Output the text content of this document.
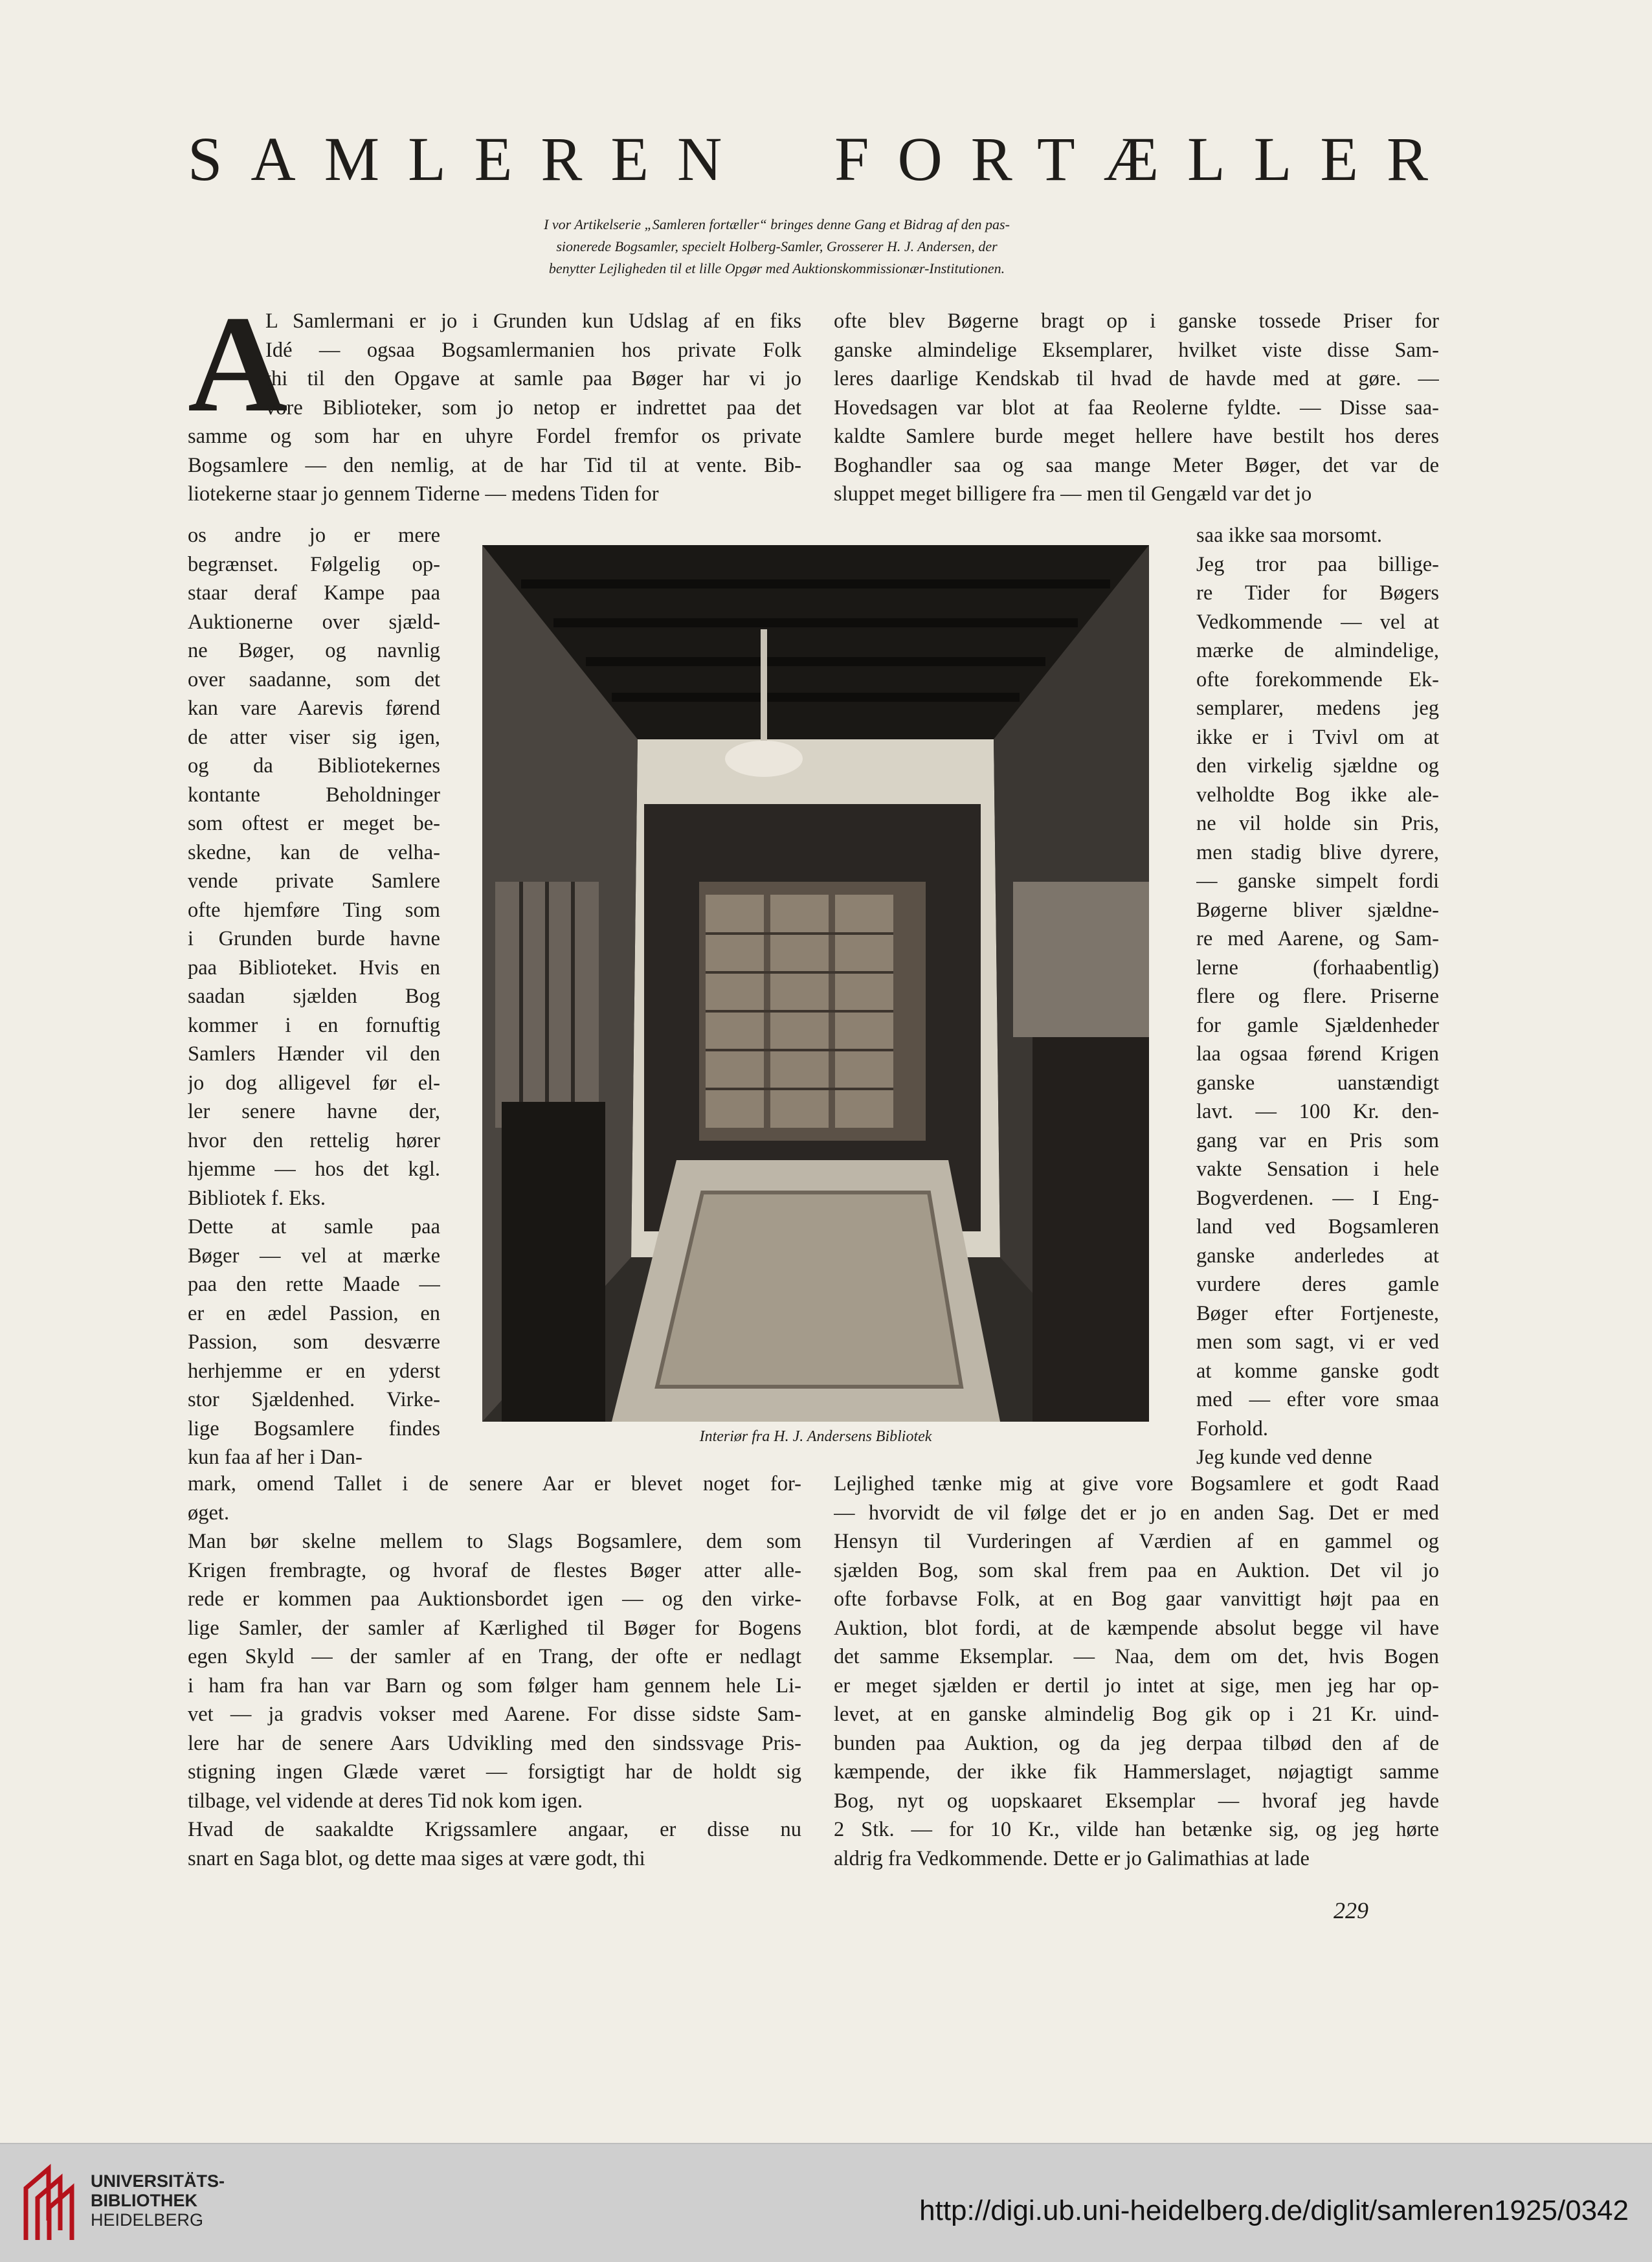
SAMLEREN FORTÆLLER
I vor Artikelserie „Samleren fortæller“ bringes denne Gang et Bidrag af den pas-
sionerede Bogsamler, specielt Holberg-Samler, Grosserer H. J. Andersen, der
benytter Lejligheden til et lille Opgør med Auktionskommissionær-Institutionen.
A
L Samlermani er jo i Grunden kun Udslag af en fiks
Idé — ogsaa Bogsamlermanien hos private Folk
thi til den Opgave at samle paa Bøger har vi jo
vore Biblioteker, som jo netop er indrettet paa det
samme og som har en uhyre Fordel fremfor os private
Bogsamlere — den nemlig, at de har Tid til at vente. Bib-
liotekerne staar jo gennem Tiderne — medens Tiden for
os andre jo er mere
begrænset. Følgelig op-
staar deraf Kampe paa
Auktionerne over sjæld-
ne Bøger, og navnlig
over saadanne, som det
kan vare Aarevis førend
de atter viser sig igen,
og da Bibliotekernes
kontante Beholdninger
som oftest er meget be-
skedne, kan de velha-
vende private Samlere
ofte hjemføre Ting som
i Grunden burde havne
paa Biblioteket. Hvis en
saadan sjælden Bog
kommer i en fornuftig
Samlers Hænder vil den
jo dog alligevel før el-
ler senere havne der,
hvor den rettelig hører
hjemme — hos det kgl.
Bibliotek f. Eks.
Dette at samle paa
Bøger — vel at mærke
paa den rette Maade —
er en ædel Passion, en
Passion, som desværre
herhjemme er en yderst
stor Sjældenhed. Virke-
lige Bogsamlere findes
kun faa af her i Dan-
mark, omend Tallet i de senere Aar er blevet noget for-
øget.
Man bør skelne mellem to Slags Bogsamlere, dem som
Krigen frembragte, og hvoraf de flestes Bøger atter alle-
rede er kommen paa Auktionsbordet igen — og den virke-
lige Samler, der samler af Kærlighed til Bøger for Bogens
egen Skyld — der samler af en Trang, der ofte er nedlagt
i ham fra han var Barn og som følger ham gennem hele Li-
vet — ja gradvis vokser med Aarene. For disse sidste Sam-
lere har de senere Aars Udvikling med den sindssvage Pris-
stigning ingen Glæde været — forsigtigt har de holdt sig
tilbage, vel vidende at deres Tid nok kom igen.
Hvad de saakaldte Krigssamlere angaar, er disse nu
snart en Saga blot, og dette maa siges at være godt, thi
ofte blev Bøgerne bragt op i ganske tossede Priser for
ganske almindelige Eksemplarer, hvilket viste disse Sam-
leres daarlige Kendskab til hvad de havde med at gøre. —
Hovedsagen var blot at faa Reolerne fyldte. — Disse saa-
kaldte Samlere burde meget hellere have bestilt hos deres
Boghandler saa og saa mange Meter Bøger, det var de
sluppet meget billigere fra — men til Gengæld var det jo
saa ikke saa morsomt.
Jeg tror paa billige-
re Tider for Bøgers
Vedkommende — vel at
mærke de almindelige,
ofte forekommende Ek-
semplarer, medens jeg
ikke er i Tvivl om at
den virkelig sjældne og
velholdte Bog ikke ale-
ne vil holde sin Pris,
men stadig blive dyrere,
— ganske simpelt fordi
Bøgerne bliver sjældne-
re med Aarene, og Sam-
lerne (forhaabentlig)
flere og flere. Priserne
for gamle Sjældenheder
laa ogsaa førend Krigen
ganske uanstændigt
lavt. — 100 Kr. den-
gang var en Pris som
vakte Sensation i hele
Bogverdenen. — I Eng-
land ved Bogsamleren
ganske anderledes at
vurdere deres gamle
Bøger efter Fortjeneste,
men som sagt, vi er ved
at komme ganske godt
med — efter vore smaa
Forhold.
Jeg kunde ved denne
Lejlighed tænke mig at give vore Bogsamlere et godt Raad
— hvorvidt de vil følge det er jo en anden Sag. Det er med
Hensyn til Vurderingen af Værdien af en gammel og
sjælden Bog, som skal frem paa en Auktion. Det vil jo
ofte forbavse Folk, at en Bog gaar vanvittigt højt paa en
Auktion, blot fordi, at de kæmpende absolut begge vil have
det samme Eksemplar. — Naa, dem om det, hvis Bogen
er meget sjælden er dertil jo intet at sige, men jeg har op-
levet, at en ganske almindelig Bog gik op i 21 Kr. uind-
bunden paa Auktion, og da jeg derpaa tilbød den af de
kæmpende, der ikke fik Hammerslaget, nøjagtigt samme
Bog, nyt og uopskaaret Eksemplar — hvoraf jeg havde
2 Stk. — for 10 Kr., vilde han betænke sig, og jeg hørte
aldrig fra Vedkommende. Dette er jo Galimathias at lade
Interiør fra H. J. Andersens Bibliotek
229
UNIVERSITÄTS-
BIBLIOTHEK
HEIDELBERG	http://digi.ub.uni-heidelberg.de/diglit/samleren1925/0342
